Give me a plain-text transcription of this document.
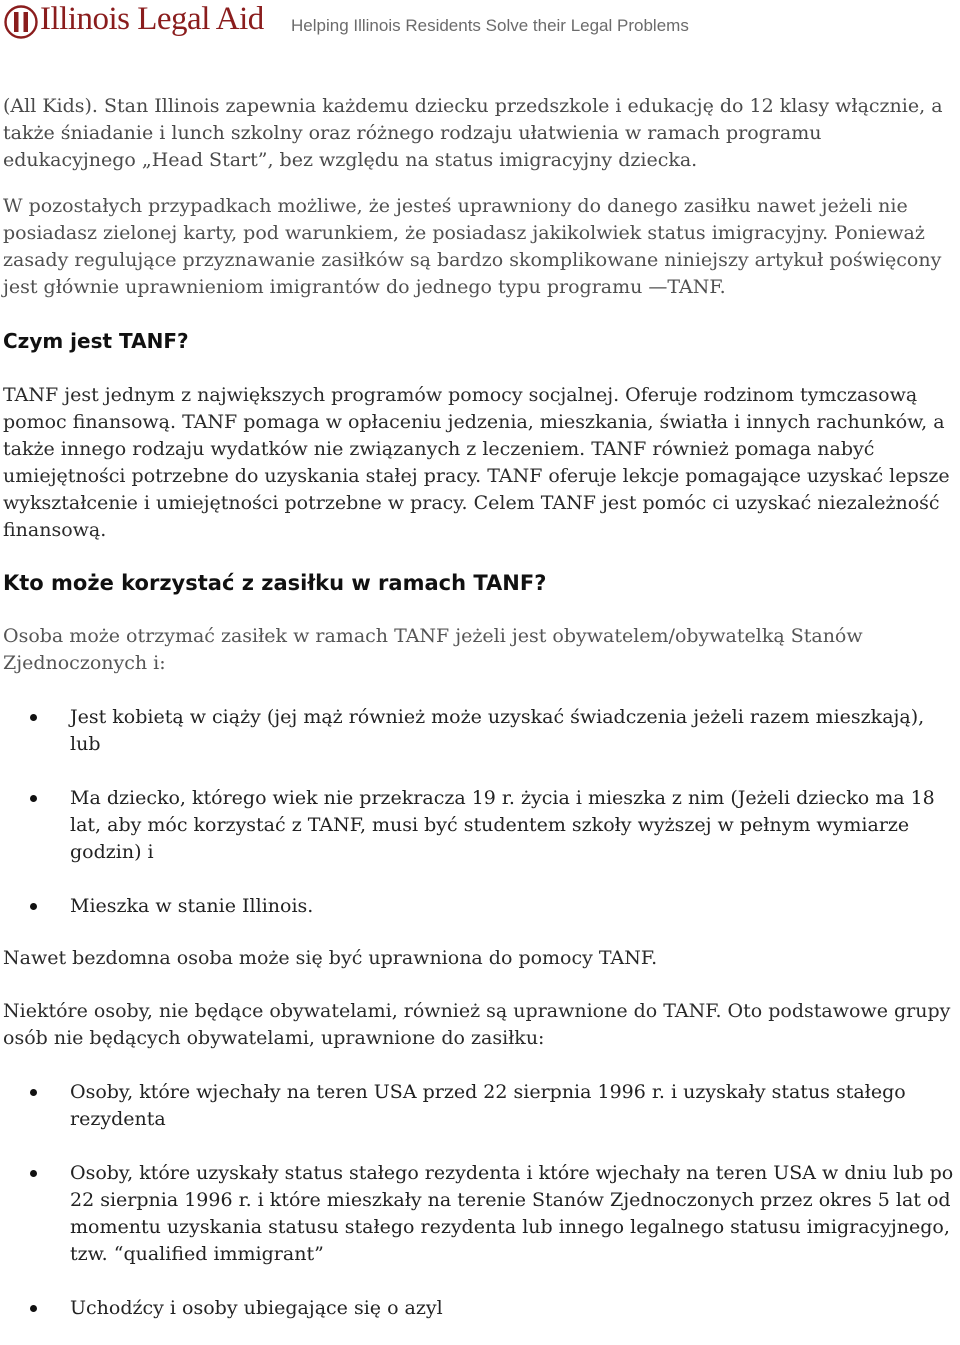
Illinois Legal Aid Helping Illinois Residents Solve their Legal Problems

(All Kids). Stan Illinois zapewnia każdemu dziecku przedszkole i edukację do 12 klasy włącznie, a także śniadanie i lunch szkolny oraz różnego rodzaju ułatwienia w ramach programu edukacyjnego „Head Start”, bez względu na status imigracyjny dziecka.

W pozostałych przypadkach możliwe, że jesteś uprawniony do danego zasiłku nawet jeżeli nie posiadasz zielonej karty, pod warunkiem, że posiadasz jakikolwiek status imigracyjny. Ponieważ zasady regulujące przyznawanie zasiłków są bardzo skomplikowane niniejszy artykuł poświęcony jest głównie uprawnieniom imigrantów do jednego typu programu —TANF.

Czym jest TANF?

TANF jest jednym z największych programów pomocy socjalnej. Oferuje rodzinom tymczasową pomoc finansową. TANF pomaga w opłaceniu jedzenia, mieszkania, światła i innych rachunków, a także innego rodzaju wydatków nie związanych z leczeniem. TANF również pomaga nabyć umiejętności potrzebne do uzyskania stałej pracy. TANF oferuje lekcje pomagające uzyskać lepsze wykształcenie i umiejętności potrzebne w pracy. Celem TANF jest pomóc ci uzyskać niezależność finansową.

Kto może korzystać z zasiłku w ramach TANF?

Osoba może otrzymać zasiłek w ramach TANF jeżeli jest obywatelem/obywatelką Stanów Zjednoczonych i:

Jest kobietą w ciąży (jej mąż również może uzyskać świadczenia jeżeli razem mieszkają), lub
Ma dziecko, którego wiek nie przekracza 19 r. życia i mieszka z nim (Jeżeli dziecko ma 18 lat, aby móc korzystać z TANF, musi być studentem szkoły wyższej w pełnym wymiarze godzin) i
Mieszka w stanie Illinois.

Nawet bezdomna osoba może się być uprawniona do pomocy TANF.

Niektóre osoby, nie będące obywatelami, również są uprawnione do TANF. Oto podstawowe grupy osób nie będących obywatelami, uprawnione do zasiłku:

Osoby, które wjechały na teren USA przed 22 sierpnia 1996 r. i uzyskały status stałego rezydenta
Osoby, które uzyskały status stałego rezydenta i które wjechały na teren USA w dniu lub po 22 sierpnia 1996 r. i które mieszkały na terenie Stanów Zjednoczonych przez okres 5 lat od momentu uzyskania statusu stałego rezydenta lub innego legalnego statusu imigracyjnego, tzw. “qualified immigrant”
Uchodźcy i osoby ubiegające się o azyl
